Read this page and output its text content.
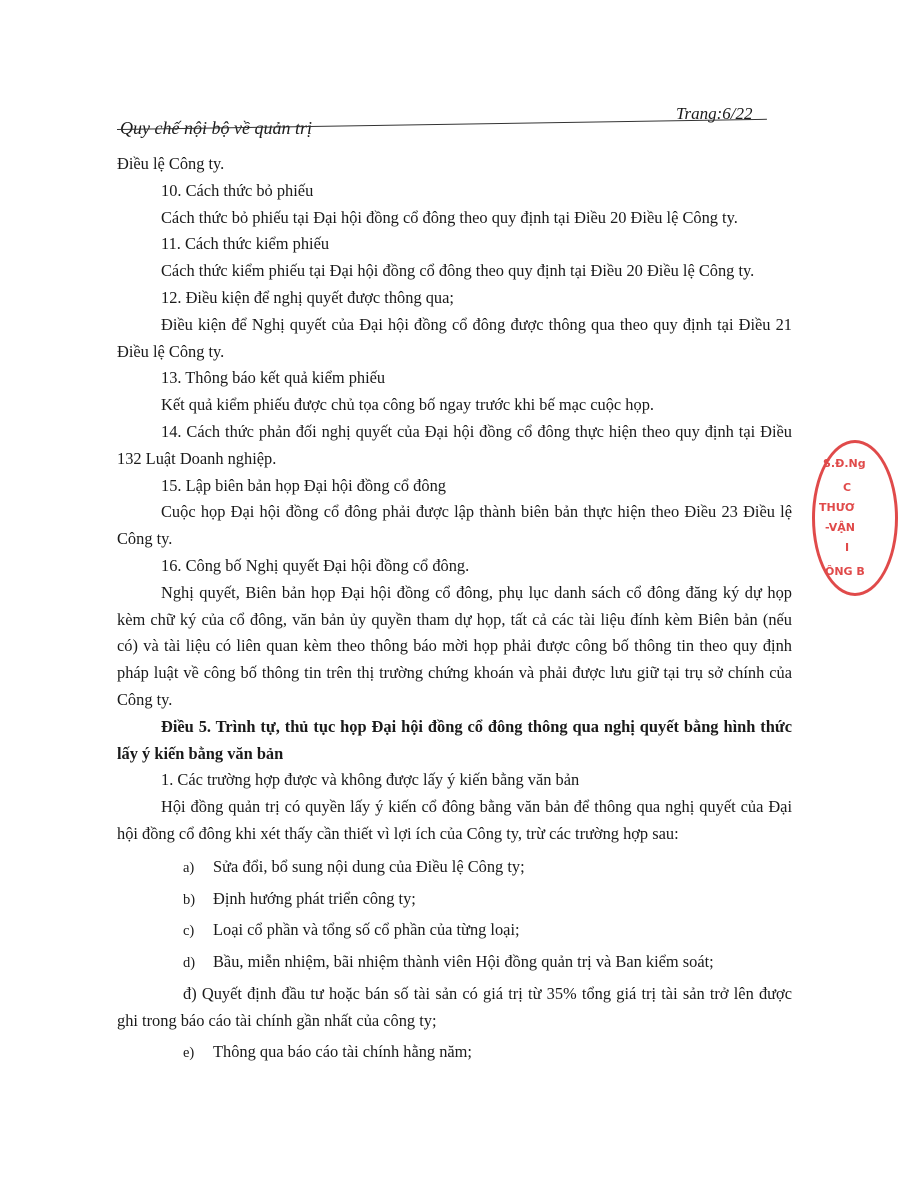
Quy chế nội bộ về quản trị
Trang:6/22

Điều lệ Công ty.

10. Cách thức bỏ phiếu

Cách thức bỏ phiếu tại Đại hội đồng cổ đông theo quy định tại Điều 20 Điều lệ Công ty.

11. Cách thức kiểm phiếu

Cách thức kiểm phiếu tại Đại hội đồng cổ đông theo quy định tại Điều 20 Điều lệ Công ty.

12. Điều kiện để nghị quyết được thông qua;

Điều kiện để Nghị quyết của Đại hội đồng cổ đông được thông qua theo quy định tại Điều 21 Điều lệ Công ty.

13. Thông báo kết quả kiểm phiếu

Kết quả kiểm phiếu được chủ tọa công bố ngay trước khi bế mạc cuộc họp.

14. Cách thức phản đối nghị quyết của Đại hội đồng cổ đông thực hiện theo quy định tại Điều 132 Luật Doanh nghiệp.

15. Lập biên bản họp Đại hội đồng cổ đông

Cuộc họp Đại hội đồng cổ đông phải được lập thành biên bản thực hiện theo Điều 23 Điều lệ Công ty.

16. Công bố Nghị quyết Đại hội đồng cổ đông.

Nghị quyết, Biên bản họp Đại hội đồng cổ đông, phụ lục danh sách cổ đông đăng ký dự họp kèm chữ ký của cổ đông, văn bản ủy quyền tham dự họp, tất cả các tài liệu đính kèm Biên bản (nếu có) và tài liệu có liên quan kèm theo thông báo mời họp phải được công bố thông tin theo quy định pháp luật về công bố thông tin trên thị trường chứng khoán và phải được lưu giữ tại trụ sở chính của Công ty.

Điều 5. Trình tự, thủ tục họp Đại hội đồng cổ đông thông qua nghị quyết bằng hình thức lấy ý kiến bằng văn bản

1. Các trường hợp được và không được lấy ý kiến bằng văn bản

Hội đồng quản trị có quyền lấy ý kiến cổ đông bằng văn bản để thông qua nghị quyết của Đại hội đồng cổ đông khi xét thấy cần thiết vì lợi ích của Công ty, trừ các trường hợp sau:

a) Sửa đổi, bổ sung nội dung của Điều lệ Công ty;

b) Định hướng phát triển công ty;

c) Loại cổ phần và tổng số cổ phần của từng loại;

d) Bầu, miễn nhiệm, bãi nhiệm thành viên Hội đồng quản trị và Ban kiểm soát;

đ) Quyết định đầu tư hoặc bán số tài sản có giá trị từ 35% tổng giá trị tài sản trở lên được ghi trong báo cáo tài chính gần nhất của công ty;

e) Thông qua báo cáo tài chính hằng năm;

S.Đ.Ng
C
THƯƠ
-VẬN
I
ÔNG B
